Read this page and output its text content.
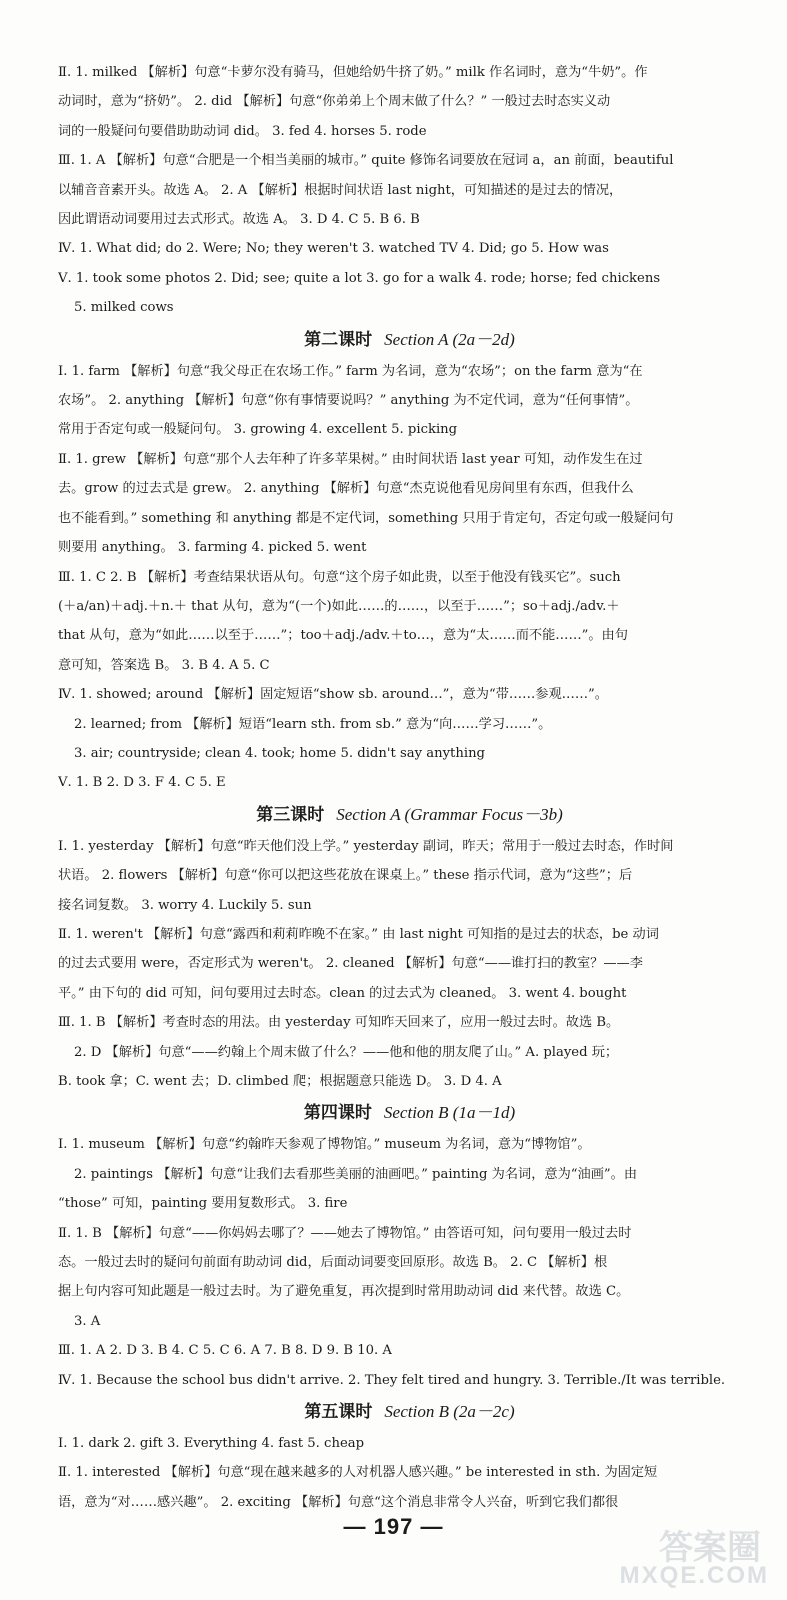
Ⅱ. 1. milked 【解析】句意“卡萝尔没有骑马，但她给奶牛挤了奶。” milk 作名词时，意为“牛奶”。作
动词时，意为“挤奶”。 2. did 【解析】句意“你弟弟上个周末做了什么？” 一般过去时态实义动
词的一般疑问句要借助助动词 did。 3. fed 4. horses 5. rode
Ⅲ. 1. A 【解析】句意“合肥是一个相当美丽的城市。” quite 修饰名词要放在冠词 a，an 前面，beautiful
以辅音音素开头。故选 A。 2. A 【解析】根据时间状语 last night，可知描述的是过去的情况，
因此谓语动词要用过去式形式。故选 A。 3. D 4. C 5. B 6. B
Ⅳ. 1. What did; do 2. Were; No; they weren't 3. watched TV 4. Did; go 5. How was
Ⅴ. 1. took some photos 2. Did; see; quite a lot 3. go for a walk 4. rode; horse; fed chickens
5. milked cows
第二课时 Section A (2a－2d)
Ⅰ. 1. farm 【解析】句意“我父母正在农场工作。” farm 为名词，意为“农场”；on the farm 意为“在
农场”。 2. anything 【解析】句意“你有事情要说吗？” anything 为不定代词，意为“任何事情”。
常用于否定句或一般疑问句。 3. growing 4. excellent 5. picking
Ⅱ. 1. grew 【解析】句意“那个人去年种了许多苹果树。” 由时间状语 last year 可知，动作发生在过
去。grow 的过去式是 grew。 2. anything 【解析】句意“杰克说他看见房间里有东西，但我什么
也不能看到。” something 和 anything 都是不定代词，something 只用于肯定句，否定句或一般疑问句
则要用 anything。 3. farming 4. picked 5. went
Ⅲ. 1. C 2. B 【解析】考查结果状语从句。句意“这个房子如此贵，以至于他没有钱买它”。such
(＋a/an)＋adj.＋n.＋ that 从句，意为“(一个)如此……的……，以至于……”；so＋adj./adv.＋
that 从句，意为“如此……以至于……”；too＋adj./adv.＋to…，意为“太……而不能……”。由句
意可知，答案选 B。 3. B 4. A 5. C
Ⅳ. 1. showed; around 【解析】固定短语“show sb. around…”，意为“带……参观……”。
2. learned; from 【解析】短语“learn sth. from sb.” 意为“向……学习……”。
3. air; countryside; clean 4. took; home 5. didn't say anything
Ⅴ. 1. B 2. D 3. F 4. C 5. E
第三课时 Section A (Grammar Focus－3b)
Ⅰ. 1. yesterday 【解析】句意“昨天他们没上学。” yesterday 副词，昨天；常用于一般过去时态，作时间
状语。 2. flowers 【解析】句意“你可以把这些花放在课桌上。” these 指示代词，意为“这些”；后
接名词复数。 3. worry 4. Luckily 5. sun
Ⅱ. 1. weren't 【解析】句意“露西和莉莉昨晚不在家。” 由 last night 可知指的是过去的状态，be 动词
的过去式要用 were，否定形式为 weren't。 2. cleaned 【解析】句意“——谁打扫的教室？——李
平。” 由下句的 did 可知，问句要用过去时态。clean 的过去式为 cleaned。 3. went 4. bought
Ⅲ. 1. B 【解析】考查时态的用法。由 yesterday 可知昨天回来了，应用一般过去时。故选 B。
2. D 【解析】句意“——约翰上个周末做了什么？——他和他的朋友爬了山。” A. played 玩；
B. took 拿；C. went 去；D. climbed 爬；根据题意只能选 D。 3. D 4. A
第四课时 Section B (1a－1d)
Ⅰ. 1. museum 【解析】句意“约翰昨天参观了博物馆。” museum 为名词，意为“博物馆”。
2. paintings 【解析】句意“让我们去看那些美丽的油画吧。” painting 为名词，意为“油画”。由
“those” 可知，painting 要用复数形式。 3. fire
Ⅱ. 1. B 【解析】句意“——你妈妈去哪了？——她去了博物馆。” 由答语可知，问句要用一般过去时
态。一般过去时的疑问句前面有助动词 did，后面动词要变回原形。故选 B。 2. C 【解析】根
据上句内容可知此题是一般过去时。为了避免重复，再次提到时常用助动词 did 来代替。故选 C。
3. A
Ⅲ. 1. A 2. D 3. B 4. C 5. C 6. A 7. B 8. D 9. B 10. A
Ⅳ. 1. Because the school bus didn't arrive. 2. They felt tired and hungry. 3. Terrible./It was terrible.
第五课时 Section B (2a－2c)
Ⅰ. 1. dark 2. gift 3. Everything 4. fast 5. cheap
Ⅱ. 1. interested 【解析】句意“现在越来越多的人对机器人感兴趣。” be interested in sth. 为固定短
语，意为“对……感兴趣”。 2. exciting 【解析】句意“这个消息非常令人兴奋，听到它我们都很
— 197 —
答案圈
MXQE.COM
